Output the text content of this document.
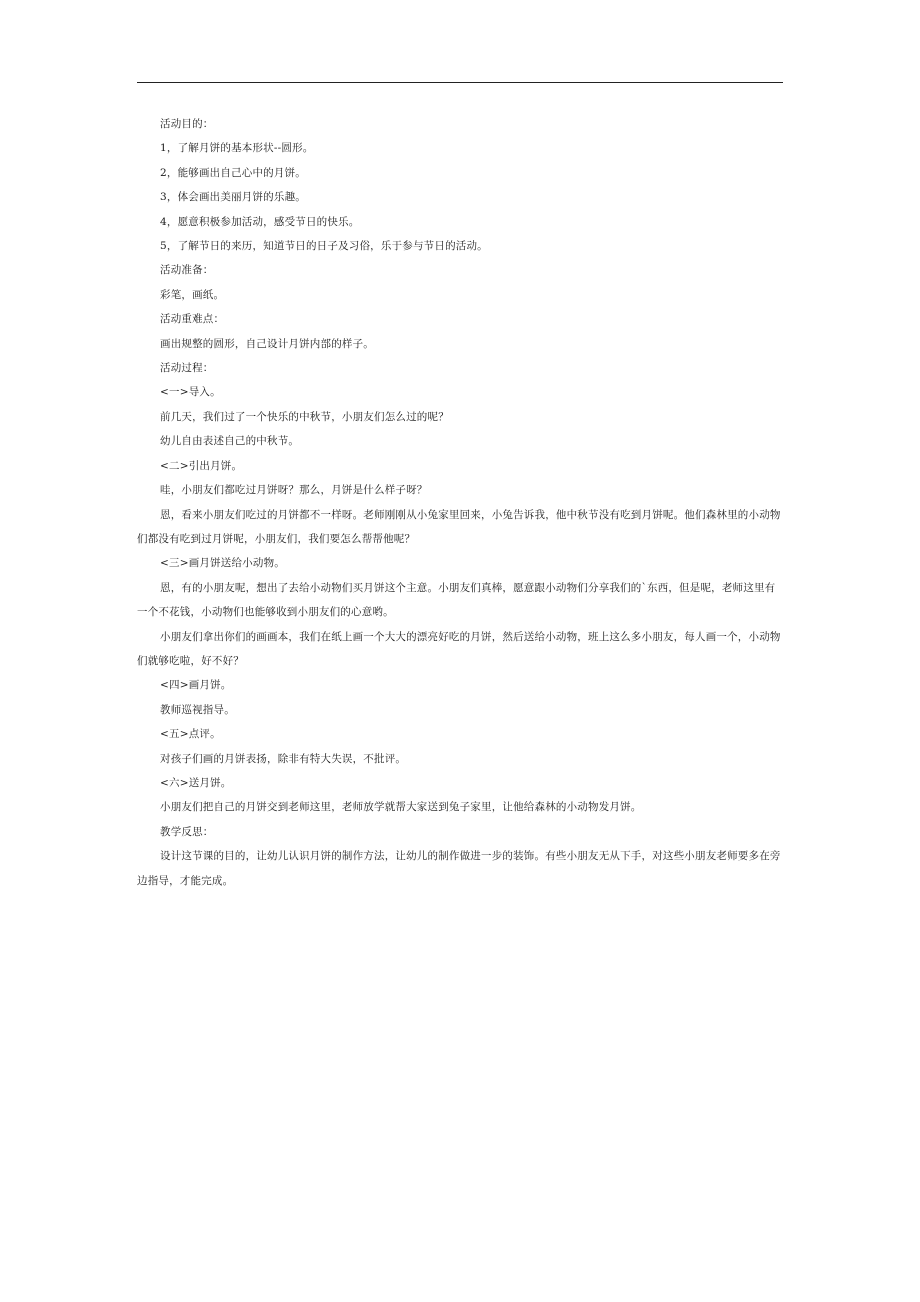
活动目的：

1，了解月饼的基本形状--圆形。

2，能够画出自己心中的月饼。

3，体会画出美丽月饼的乐趣。

4，愿意积极参加活动，感受节日的快乐。

5，了解节日的来历，知道节日的日子及习俗，乐于参与节日的活动。

活动准备：

彩笔，画纸。

活动重难点：

画出规整的圆形，自己设计月饼内部的样子。

活动过程：

<一>导入。

前几天，我们过了一个快乐的中秋节，小朋友们怎么过的呢？

幼儿自由表述自己的中秋节。

<二>引出月饼。

哇，小朋友们都吃过月饼呀？那么，月饼是什么样子呀？

恩，看来小朋友们吃过的月饼都不一样呀。老师刚刚从小兔家里回来，小兔告诉我，他中秋节没有吃到月饼呢。他们森林里的小动物们都没有吃到过月饼呢，小朋友们，我们要怎么帮帮他呢？

<三>画月饼送给小动物。

恩，有的小朋友呢，想出了去给小动物们买月饼这个主意。小朋友们真棒，愿意跟小动物们分享我们的`东西，但是呢，老师这里有一个不花钱，小动物们也能够收到小朋友们的心意哟。

小朋友们拿出你们的画画本，我们在纸上画一个大大的漂亮好吃的月饼，然后送给小动物，班上这么多小朋友，每人画一个，小动物们就够吃啦，好不好？

<四>画月饼。

教师巡视指导。

<五>点评。

对孩子们画的月饼表扬，除非有特大失误，不批评。

<六>送月饼。

小朋友们把自己的月饼交到老师这里，老师放学就帮大家送到兔子家里，让他给森林的小动物发月饼。

教学反思：

设计这节课的目的，让幼儿认识月饼的制作方法，让幼儿的制作做进一步的装饰。有些小朋友无从下手，对这些小朋友老师要多在旁边指导，才能完成。
